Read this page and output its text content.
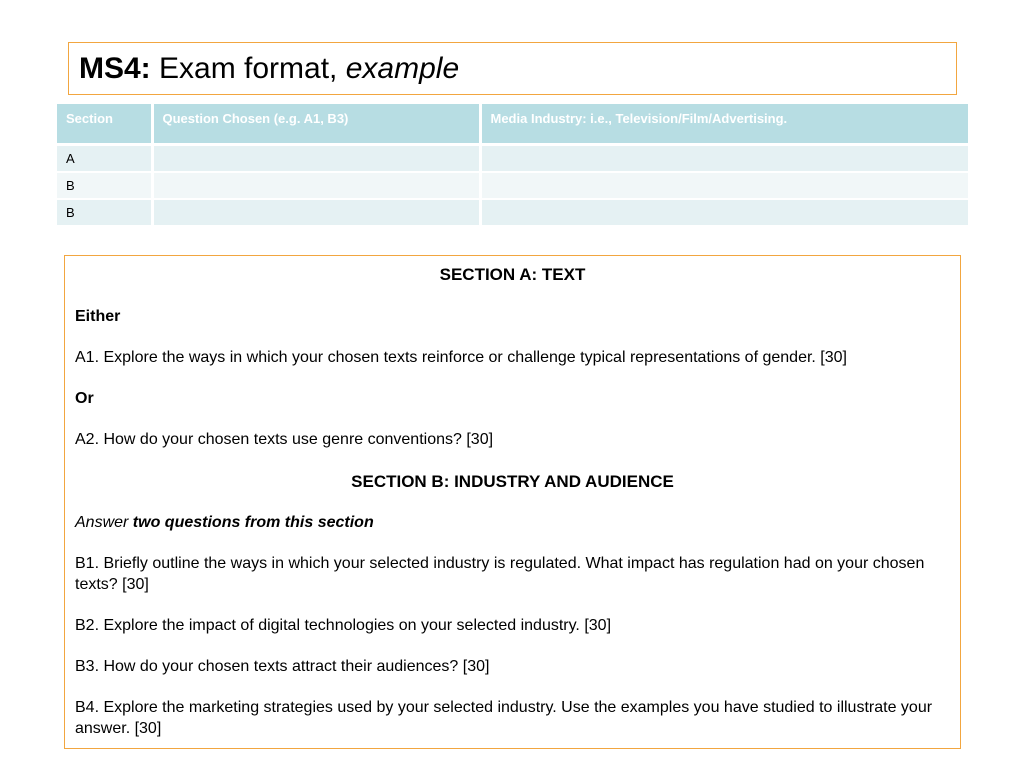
MS4: Exam format, example
Section	Question Chosen (e.g. A1, B3)	Media Industry: i.e., Television/Film/Advertising.
A		
B		
B		
SECTION A: TEXT

Either

A1. Explore the ways in which your chosen texts reinforce or challenge typical representations of gender. [30]

Or

A2. How do your chosen texts use genre conventions? [30]

SECTION B: INDUSTRY AND AUDIENCE

Answer two questions from this section

B1. Briefly outline the ways in which your selected industry is regulated. What impact has regulation had on your chosen texts? [30]

B2. Explore the impact of digital technologies on your selected industry. [30]

B3. How do your chosen texts attract their audiences? [30]

B4. Explore the marketing strategies used by your selected industry. Use the examples you have studied to illustrate your answer. [30]
